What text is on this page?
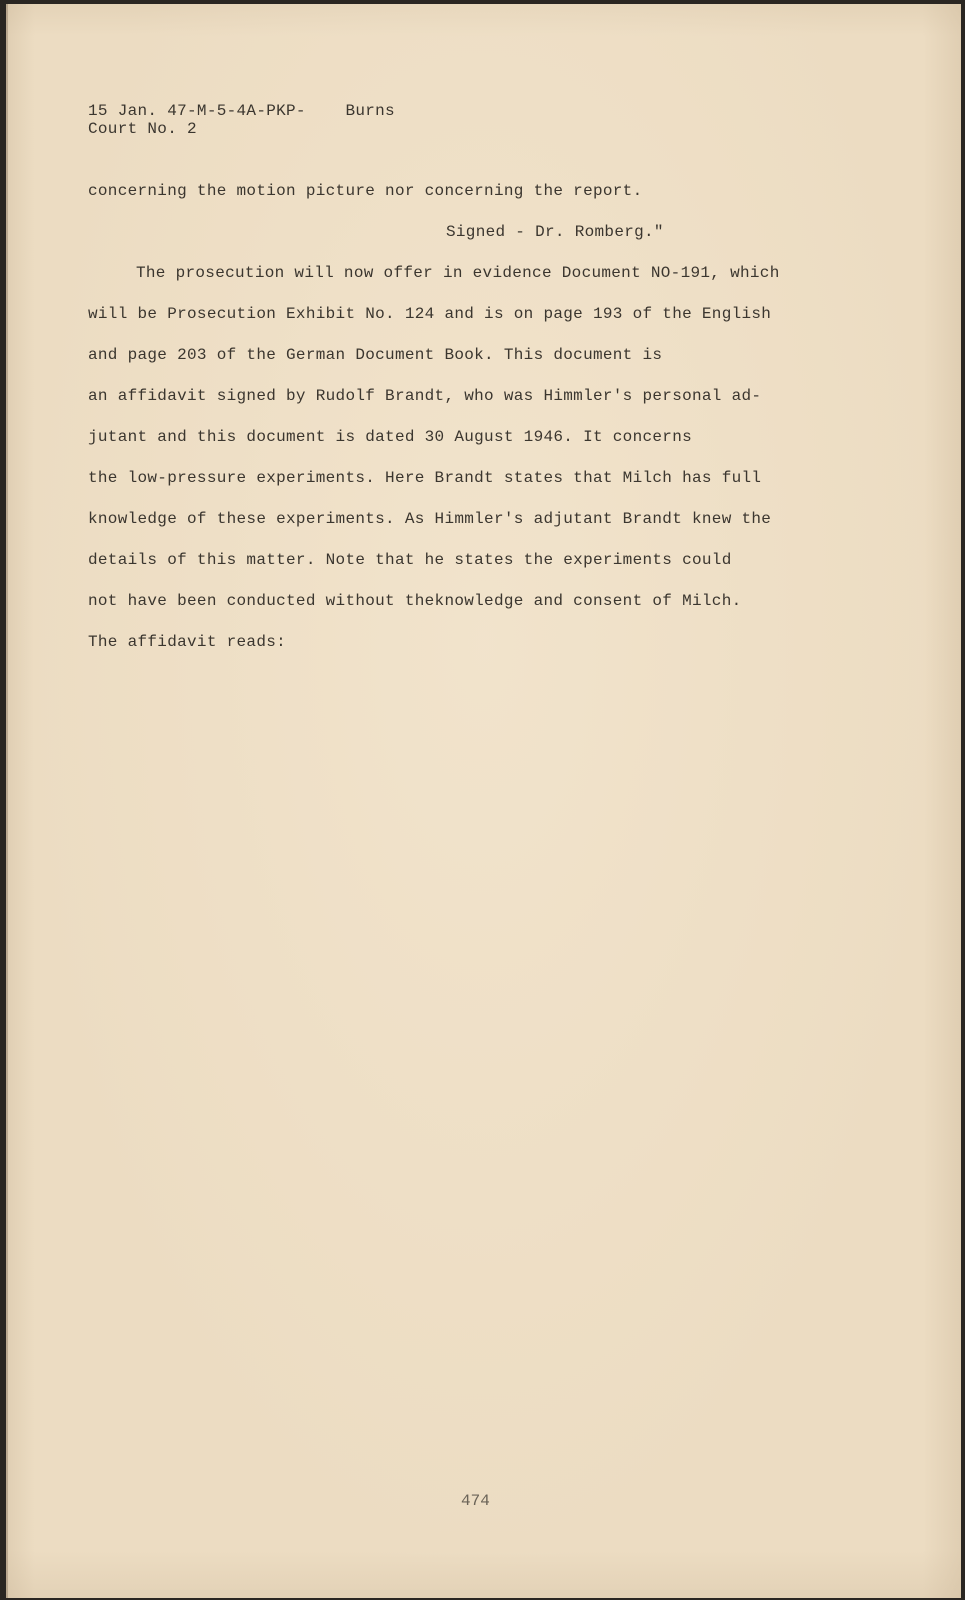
15 Jan. 47-M-5-4A-PKP-    Burns
Court No. 2
concerning the motion picture nor concerning the report.
Signed - Dr. Romberg."
The prosecution will now offer in evidence Document NO-191, which
will be Prosecution Exhibit No. 124 and is on page 193 of the English
and page 203 of the German Document Book. This document is
an affidavit signed by Rudolf Brandt, who was Himmler's personal ad-
jutant and this document is dated 30 August 1946. It concerns
the low-pressure experiments. Here Brandt states that Milch has full
knowledge of these experiments. As Himmler's adjutant Brandt knew the
details of this matter. Note that he states the experiments could
not have been conducted without theknowledge and consent of Milch.
The affidavit reads:
474
